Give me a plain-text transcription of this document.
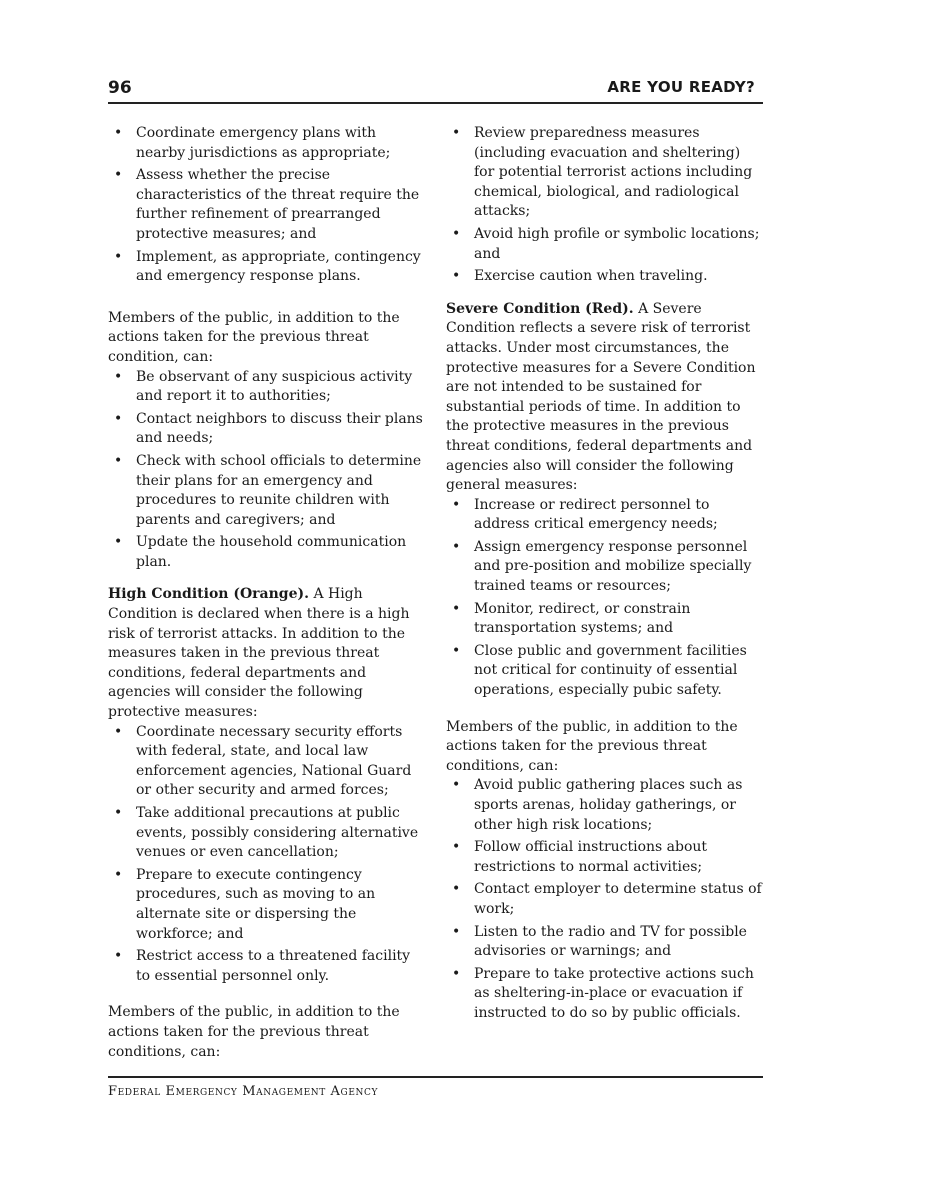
96	ARE YOU READY?
• Coordinate emergency plans with nearby jurisdictions as appropriate;
• Assess whether the precise characteristics of the threat require the further refinement of prearranged protective measures; and
• Implement, as appropriate, contingency and emergency response plans.

Members of the public, in addition to the actions taken for the previous threat condition, can:

• Be observant of any suspicious activity and report it to authorities;
• Contact neighbors to discuss their plans and needs;
• Check with school officials to determine their plans for an emergency and procedures to reunite children with parents and caregivers; and
• Update the household communication plan.

High Condition (Orange). A High Condition is declared when there is a high risk of terrorist attacks. In addition to the measures taken in the previous threat conditions, federal departments and agencies will consider the following protective measures:

• Coordinate necessary security efforts with federal, state, and local law enforcement agencies, National Guard or other security and armed forces;
• Take additional precautions at public events, possibly considering alternative venues or even cancellation;
• Prepare to execute contingency procedures, such as moving to an alternate site or dispersing the workforce; and
• Restrict access to a threatened facility to essential personnel only.

Members of the public, in addition to the actions taken for the previous threat conditions, can:

• Review preparedness measures (including evacuation and sheltering) for potential terrorist actions including chemical, biological, and radiological attacks;
• Avoid high profile or symbolic locations; and
• Exercise caution when traveling.

Severe Condition (Red). A Severe Condition reflects a severe risk of terrorist attacks. Under most circumstances, the protective measures for a Severe Condition are not intended to be sustained for substantial periods of time. In addition to the protective measures in the previous threat conditions, federal departments and agencies also will consider the following general measures:

• Increase or redirect personnel to address critical emergency needs;
• Assign emergency response personnel and pre-position and mobilize specially trained teams or resources;
• Monitor, redirect, or constrain transportation systems; and
• Close public and government facilities not critical for continuity of essential operations, especially pubic safety.

Members of the public, in addition to the actions taken for the previous threat conditions, can:

• Avoid public gathering places such as sports arenas, holiday gatherings, or other high risk locations;
• Follow official instructions about restrictions to normal activities;
• Contact employer to determine status of work;
• Listen to the radio and TV for possible advisories or warnings; and
• Prepare to take protective actions such as sheltering-in-place or evacuation if instructed to do so by public officials.
Federal Emergency Management Agency
